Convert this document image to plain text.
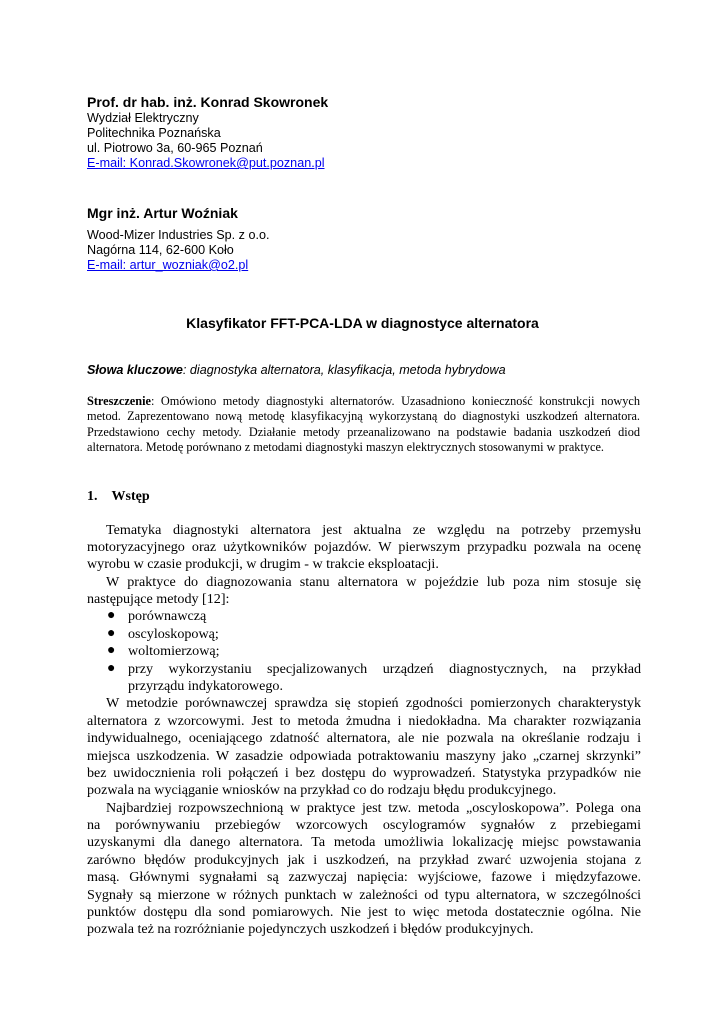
Prof. dr hab. inż. Konrad Skowronek
Wydział Elektryczny
Politechnika Poznańska
ul. Piotrowo 3a, 60-965 Poznań
E-mail: Konrad.Skowronek@put.poznan.pl
Mgr inż. Artur Woźniak
Wood-Mizer Industries Sp. z o.o.
Nagórna 114, 62-600 Koło
E-mail: artur_wozniak@o2.pl
Klasyfikator FFT-PCA-LDA w diagnostyce alternatora
Słowa kluczowe: diagnostyka alternatora, klasyfikacja, metoda hybrydowa
Streszczenie: Omówiono metody diagnostyki alternatorów. Uzasadniono konieczność konstrukcji nowych metod. Zaprezentowano nową metodę klasyfikacyjną wykorzystaną do diagnostyki uszkodzeń alternatora. Przedstawiono cechy metody. Działanie metody przeanalizowano na podstawie badania uszkodzeń diod alternatora. Metodę porównano z metodami diagnostyki maszyn elektrycznych stosowanymi w praktyce.
1. Wstęp
Tematyka diagnostyki alternatora jest aktualna ze względu na potrzeby przemysłu
motoryzacyjnego oraz użytkowników pojazdów. W pierwszym przypadku pozwala na ocenę
wyrobu w czasie produkcji, w drugim - w trakcie eksploatacji.
W praktyce do diagnozowania stanu alternatora w pojeździe lub poza nim stosuje się
następujące metody [12]:
● porównawczą
● oscyloskopową;
● woltomierzową;
● przy wykorzystaniu specjalizowanych urządzeń diagnostycznych, na przykład
przyrządu indykatorowego.
W metodzie porównawczej sprawdza się stopień zgodności pomierzonych charakterystyk
alternatora z wzorcowymi. Jest to metoda żmudna i niedokładna. Ma charakter rozwiązania
indywidualnego, oceniającego zdatność alternatora, ale nie pozwala na określanie rodzaju i
miejsca uszkodzenia. W zasadzie odpowiada potraktowaniu maszyny jako „czarnej skrzynki”
bez uwidocznienia roli połączeń i bez dostępu do wyprowadzeń. Statystyka przypadków nie
pozwala na wyciąganie wniosków na przykład co do rodzaju błędu produkcyjnego.
Najbardziej rozpowszechnioną w praktyce jest tzw. metoda „oscyloskopowa”. Polega ona
na porównywaniu przebiegów wzorcowych oscylogramów sygnałów z przebiegami
uzyskanymi dla danego alternatora. Ta metoda umożliwia lokalizację miejsc powstawania
zarówno błędów produkcyjnych jak i uszkodzeń, na przykład zwarć uzwojenia stojana z
masą. Głównymi sygnałami są zazwyczaj napięcia: wyjściowe, fazowe i międzyfazowe.
Sygnały są mierzone w różnych punktach w zależności od typu alternatora, w szczególności
punktów dostępu dla sond pomiarowych. Nie jest to więc metoda dostatecznie ogólna. Nie
pozwala też na rozróżnianie pojedynczych uszkodzeń i błędów produkcyjnych.
